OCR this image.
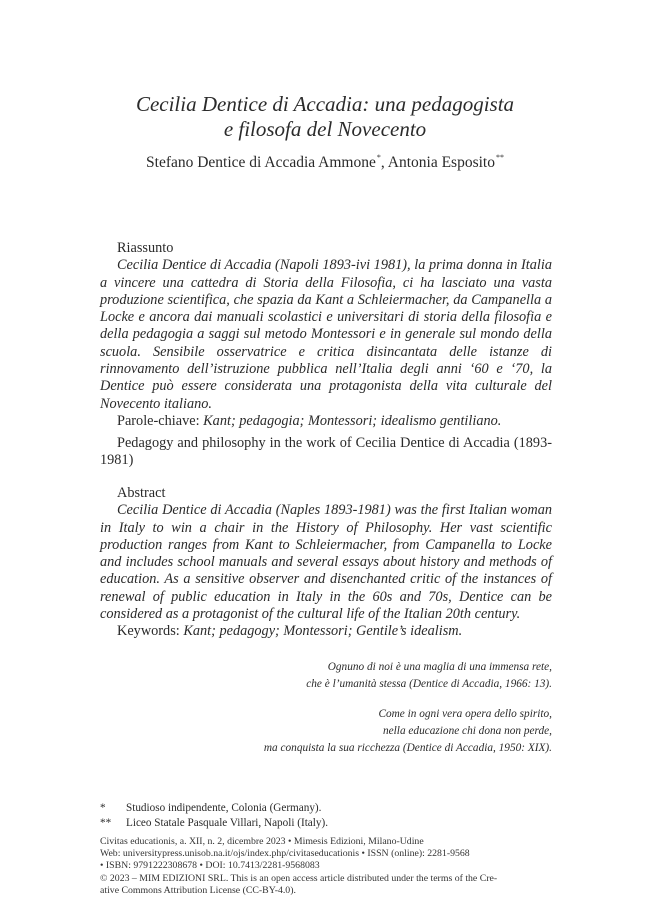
Cecilia Dentice di Accadia: una pedagogista
e filosofa del Novecento
Stefano Dentice di Accadia Ammone*, Antonia Esposito**
Riassunto
Cecilia Dentice di Accadia (Napoli 1893-ivi 1981), la prima donna in Italia a vincere una cattedra di Storia della Filosofia, ci ha lasciato una vasta produzione scientifica, che spazia da Kant a Schleiermacher, da Campanella a Locke e ancora dai manuali scolastici e universitari di storia della filosofia e della pedagogia a saggi sul metodo Montessori e in generale sul mondo della scuola. Sensibile osservatrice e critica disincantata delle istanze di rinnovamento dell’istruzione pubblica nell’Italia degli anni ‘60 e ‘70, la Dentice può essere considerata una protagonista della vita culturale del Novecento italiano.
Parole-chiave: Kant; pedagogia; Montessori; idealismo gentiliano.
Pedagogy and philosophy in the work of Cecilia Dentice di Accadia (1893-1981)
Abstract
Cecilia Dentice di Accadia (Naples 1893-1981) was the first Italian woman in Italy to win a chair in the History of Philosophy. Her vast scientific production ranges from Kant to Schleiermacher, from Campanella to Locke and includes school manuals and several essays about history and methods of education. As a sensitive observer and disenchanted critic of the instances of renewal of public education in Italy in the 60s and 70s, Dentice can be considered as a protagonist of the cultural life of the Italian 20th century.
Keywords: Kant; pedagogy; Montessori; Gentile’s idealism.
Ognuno di noi è una maglia di una immensa rete,
che è l’umanità stessa (Dentice di Accadia, 1966: 13).
Come in ogni vera opera dello spirito,
nella educazione chi dona non perde,
ma conquista la sua ricchezza (Dentice di Accadia, 1950: XIX).
*	Studioso indipendente, Colonia (Germany).
**	Liceo Statale Pasquale Villari, Napoli (Italy).
Civitas educationis, a. XII, n. 2, dicembre 2023 • Mimesis Edizioni, Milano-Udine
Web: universitypress.unisob.na.it/ojs/index.php/civitaseducationis • ISSN (online): 2281-9568
• ISBN: 9791222308678 • DOI: 10.7413/2281-9568083
© 2023 – MIM EDIZIONI SRL. This is an open access article distributed under the terms of the Cre-
ative Commons Attribution License (CC-BY-4.0).
